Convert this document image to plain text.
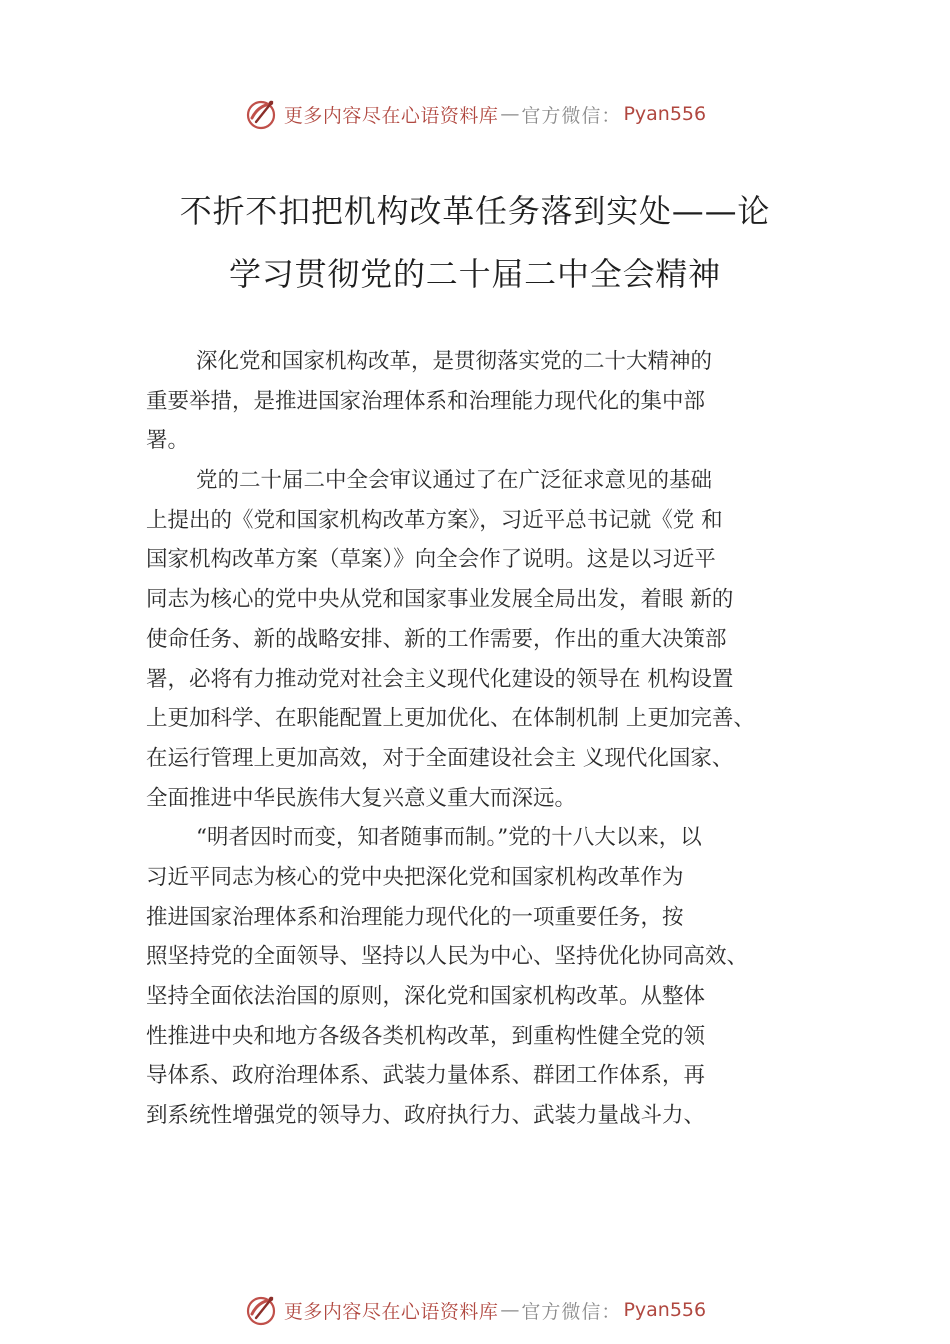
更多内容尽在心语资料库 — 官方微信： Pyan556
不折不扣把机构改革任务落到实处——论
学习贯彻党的二十届二中全会精神
深化党和国家机构改革，是贯彻落实党的二十大精神的
重要举措，是推进国家治理体系和治理能力现代化的集中部
署。
党的二十届二中全会审议通过了在广泛征求意见的基础
上提出的《党和国家机构改革方案》，习近平总书记就《党 和
国家机构改革方案（草案）》向全会作了说明。这是以习近平
同志为核心的党中央从党和国家事业发展全局出发，着眼 新的
使命任务、新的战略安排、新的工作需要，作出的重大决策部
署，必将有力推动党对社会主义现代化建设的领导在 机构设置
上更加科学、在职能配置上更加优化、在体制机制 上更加完善、
在运行管理上更加高效，对于全面建设社会主 义现代化国家、
全面推进中华民族伟大复兴意义重大而深远。
“明者因时而变，知者随事而制。”党的十八大以来，以
习近平同志为核心的党中央把深化党和国家机构改革作为
推进国家治理体系和治理能力现代化的一项重要任务，按
照坚持党的全面领导、坚持以人民为中心、坚持优化协同高效、
坚持全面依法治国的原则，深化党和国家机构改革。从整体
性推进中央和地方各级各类机构改革，到重构性健全党的领
导体系、政府治理体系、武装力量体系、群团工作体系，再
到系统性增强党的领导力、政府执行力、武装力量战斗力、
更多内容尽在心语资料库 — 官方微信： Pyan556
